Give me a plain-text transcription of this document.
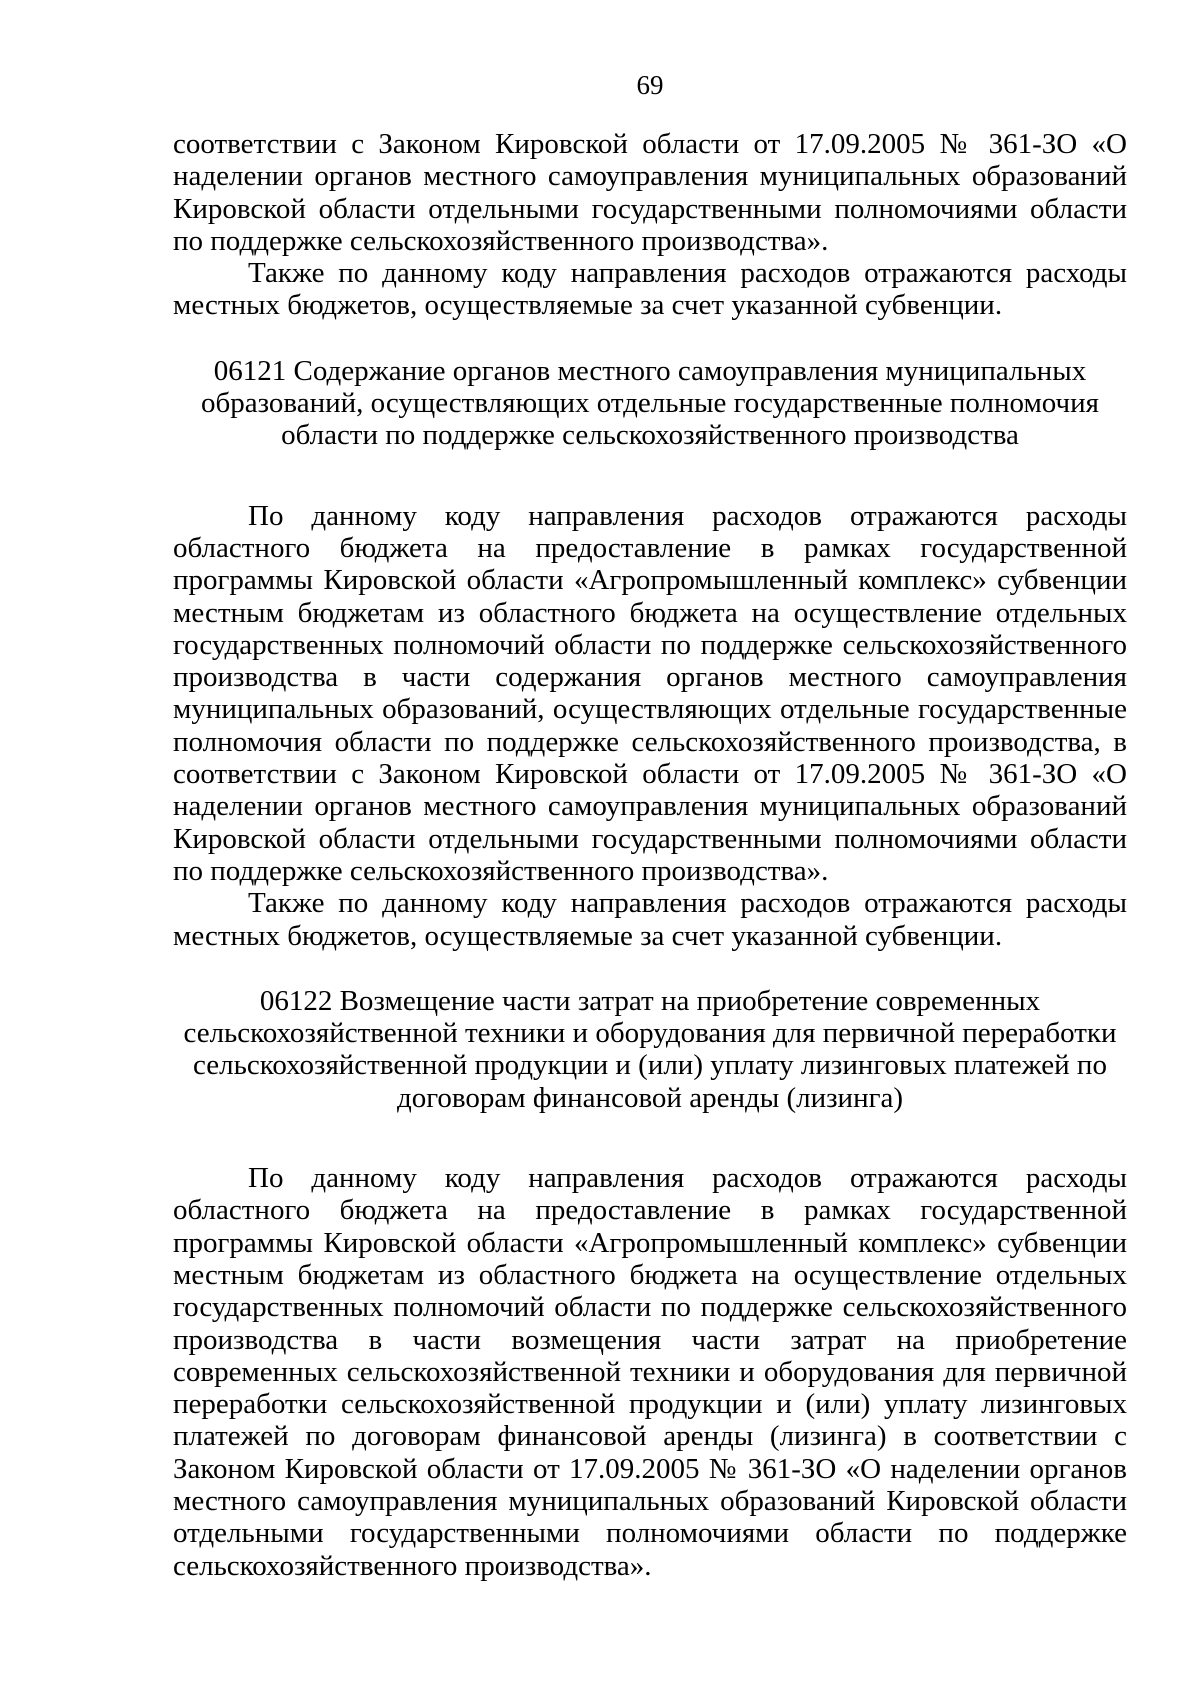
69

соответствии с Законом Кировской области от 17.09.2005 № 361-ЗО «О наделении органов местного самоуправления муниципальных образований Кировской области отдельными государственными полномочиями области по поддержке сельскохозяйственного производства».

Также по данному коду направления расходов отражаются расходы местных бюджетов, осуществляемые за счет указанной субвенции.

06121 Содержание органов местного самоуправления муниципальных
образований, осуществляющих отдельные государственные полномочия
области по поддержке сельскохозяйственного производства

По данному коду направления расходов отражаются расходы областного бюджета на предоставление в рамках государственной программы Кировской области «Агропромышленный комплекс» субвенции местным бюджетам из областного бюджета на осуществление отдельных государственных полномочий области по поддержке сельскохозяйственного производства в части содержания органов местного самоуправления муниципальных образований, осуществляющих отдельные государственные полномочия области по поддержке сельскохозяйственного производства, в соответствии с Законом Кировской области от 17.09.2005 № 361-ЗО «О наделении органов местного самоуправления муниципальных образований Кировской области отдельными государственными полномочиями области по поддержке сельскохозяйственного производства».

Также по данному коду направления расходов отражаются расходы местных бюджетов, осуществляемые за счет указанной субвенции.

06122 Возмещение части затрат на приобретение современных
сельскохозяйственной техники и оборудования для первичной переработки
сельскохозяйственной продукции и (или) уплату лизинговых платежей по
договорам финансовой аренды (лизинга)

По данному коду направления расходов отражаются расходы областного бюджета на предоставление в рамках государственной программы Кировской области «Агропромышленный комплекс» субвенции местным бюджетам из областного бюджета на осуществление отдельных государственных полномочий области по поддержке сельскохозяйственного производства в части возмещения части затрат на приобретение современных сельскохозяйственной техники и оборудования для первичной переработки сельскохозяйственной продукции и (или) уплату лизинговых платежей по договорам финансовой аренды (лизинга) в соответствии с Законом Кировской области от 17.09.2005 № 361-ЗО «О наделении органов местного самоуправления муниципальных образований Кировской области отдельными государственными полномочиями области по поддержке сельскохозяйственного производства».
